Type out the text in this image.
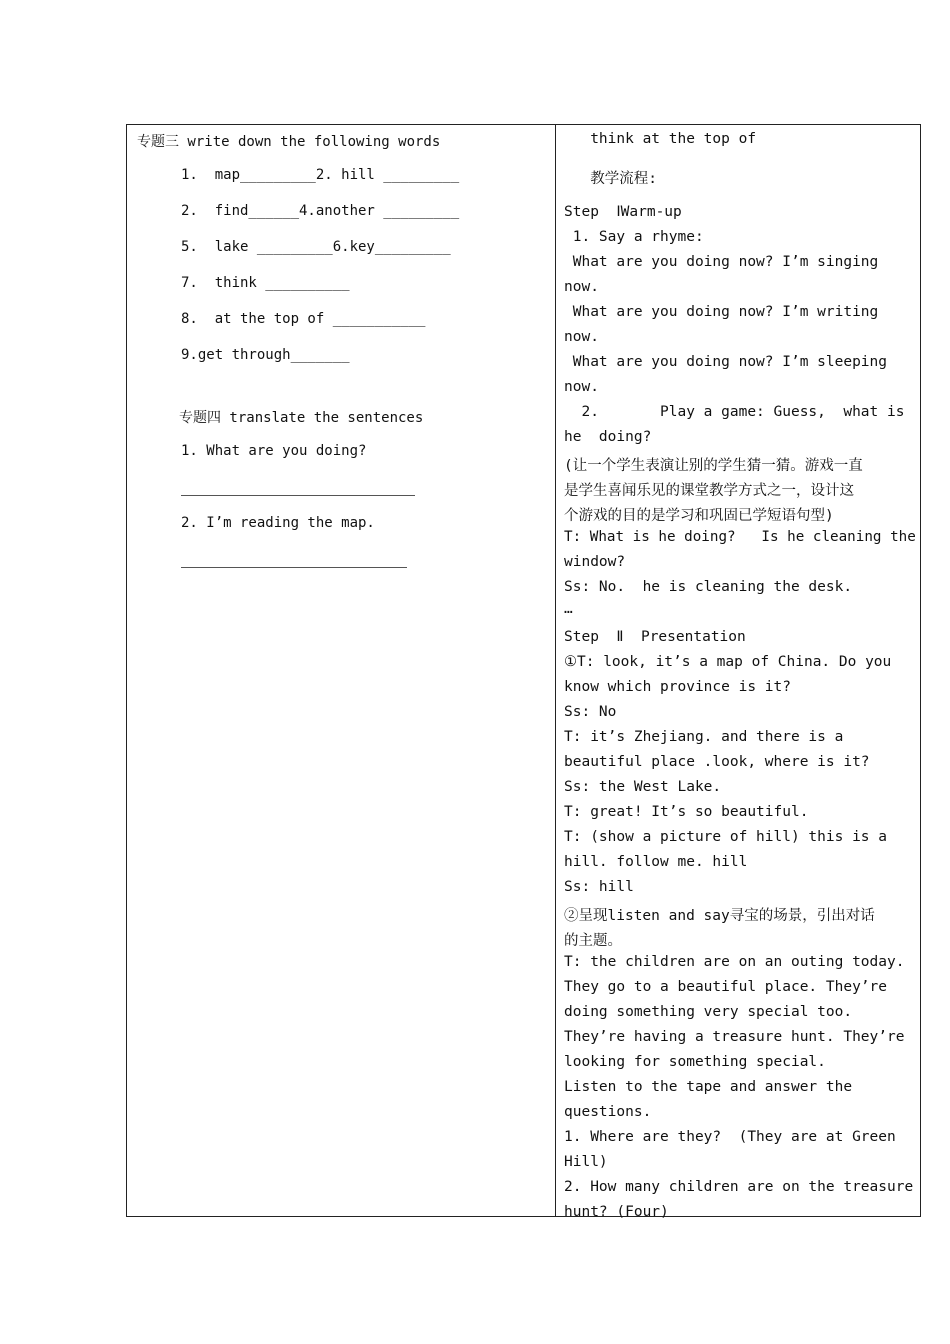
专题三 write down the following words
1.  map_________2. hill _________
2.  find______4.another _________
5.  lake _________6.key_________
7.  think __________
8.  at the top of ___________
9.get through_______
专题四 translate the sentences
1. What are you doing?
2. I’m reading the map.
think at the top of
教学流程:
Step  ⅠWarm-up
1. Say a rhyme:
What are you doing now? I’m singing
now.
What are you doing now? I’m writing
now.
What are you doing now? I’m sleeping
now.
2.       Play a game: Guess,  what is
he  doing?
(让一个学生表演让别的学生猜一猜。游戏一直
是学生喜闻乐见的课堂教学方式之一，设计这
个游戏的目的是学习和巩固已学短语句型)
T: What is he doing?   Is he cleaning the
window?
Ss: No.  he is cleaning the desk.
…
Step  Ⅱ  Presentation
①T: look, it’s a map of China. Do you
know which province is it?
Ss: No
T: it’s Zhejiang. and there is a
beautiful place .look, where is it?
Ss: the West Lake.
T: great! It’s so beautiful.
T: (show a picture of hill) this is a
hill. follow me. hill
Ss: hill
②呈现listen and say寻宝的场景，引出对话
的主题。
T: the children are on an outing today.
They go to a beautiful place. They’re
doing something very special too.
They’re having a treasure hunt. They’re
looking for something special.
Listen to the tape and answer the
questions.
1. Where are they?  (They are at Green
Hill)
2. How many children are on the treasure
hunt? (Four)
